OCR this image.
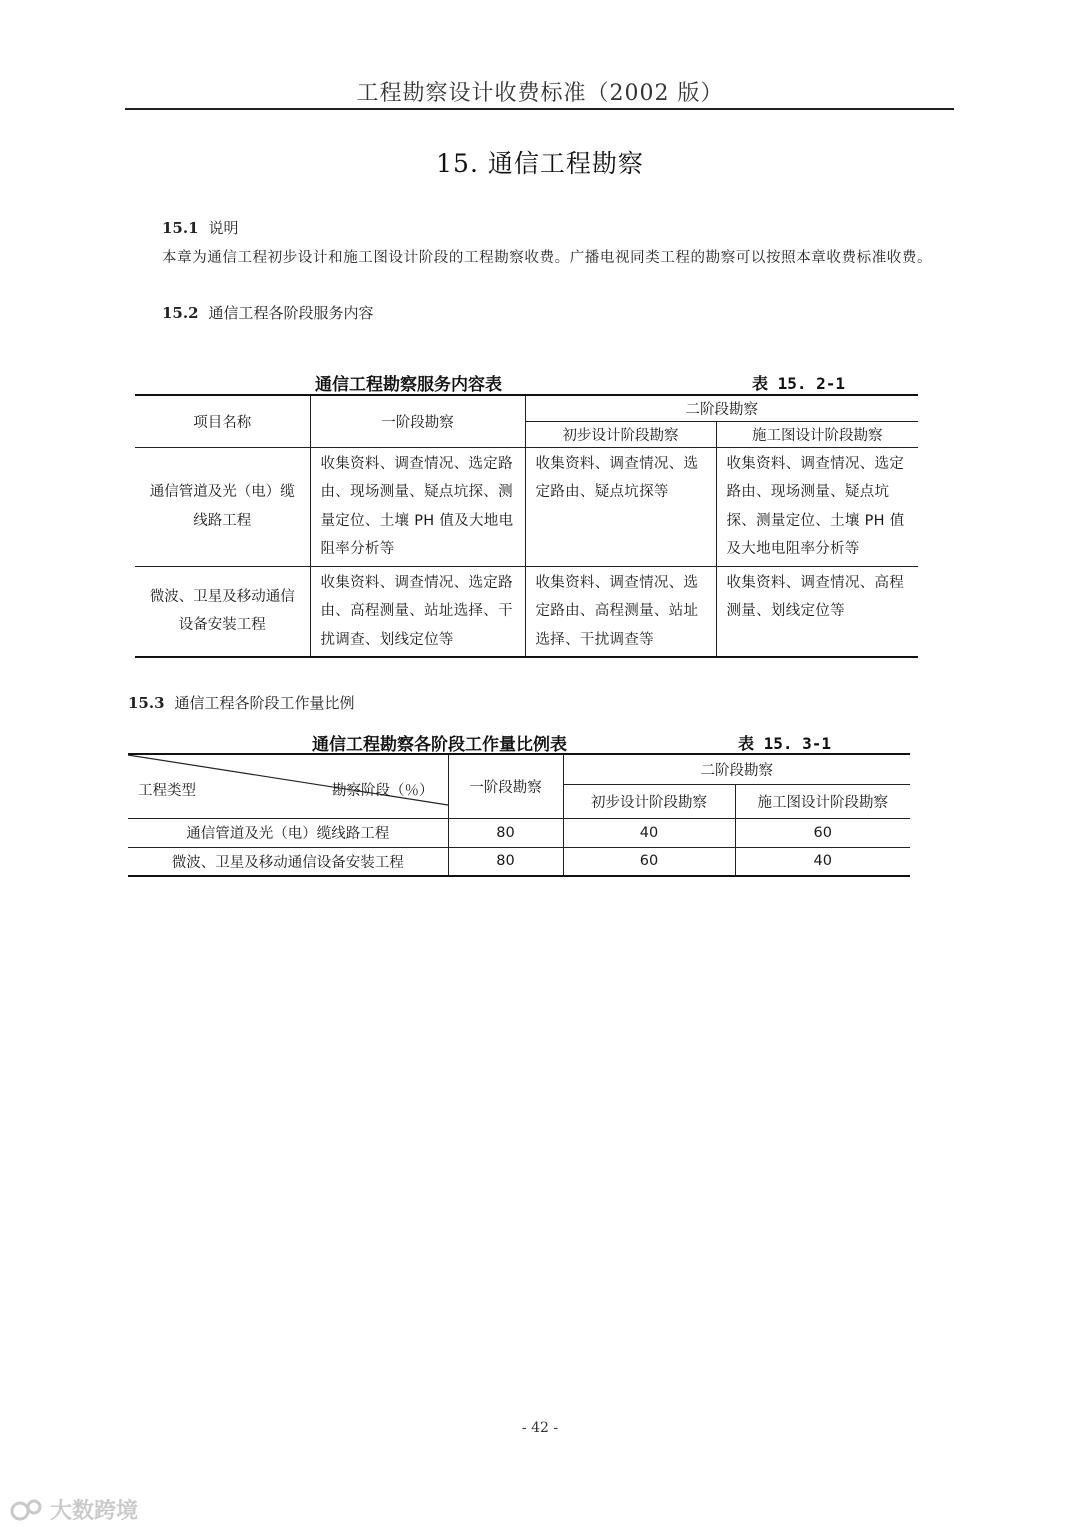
工程勘察设计收费标准（2002 版）
15. 通信工程勘察
15.1 说明
本章为通信工程初步设计和施工图设计阶段的工程勘察收费。广播电视同类工程的勘察可以按照本章收费标准收费。
15.2 通信工程各阶段服务内容
通信工程勘察服务内容表	表 15. 2-1
项目名称	一阶段勘察	二阶段勘察	
		初步设计阶段勘察	施工图设计阶段勘察

通信管道及光（电）缆线路工程	收集资料、调查情况、选定路由、现场测量、疑点坑探、测量定位、土壤 PH 值及大地电阻率分析等	收集资料、调查情况、选定路由、疑点坑探等	收集资料、调查情况、选定路由、现场测量、疑点坑探、测量定位、土壤 PH 值及大地电阻率分析等

微波、卫星及移动通信设备安装工程	收集资料、调查情况、选定路由、高程测量、站址选择、干扰调查、划线定位等	收集资料、调查情况、选定路由、高程测量、站址选择、干扰调查等	收集资料、调查情况、高程测量、划线定位等
15.3 通信工程各阶段工作量比例
通信工程勘察各阶段工作量比例表	表 15. 3-1
工程类型 勘察阶段（％）	一阶段勘察	二阶段勘察	
		初步设计阶段勘察	施工图设计阶段勘察
通信管道及光（电）缆线路工程	80	40	60
微波、卫星及移动通信设备安装工程	80	60	40
- 42 -
大数跨境
